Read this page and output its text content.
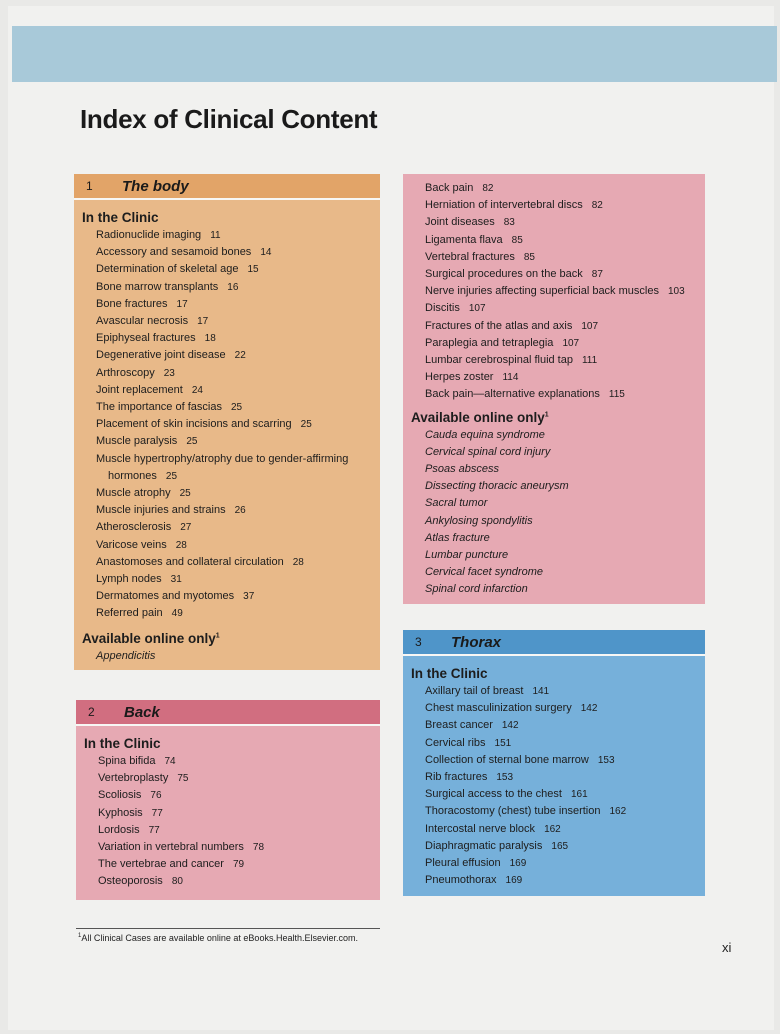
Index of Clinical Content
1	The body
In the Clinic
Radionuclide imaging 11
Accessory and sesamoid bones 14
Determination of skeletal age 15
Bone marrow transplants 16
Bone fractures 17
Avascular necrosis 17
Epiphyseal fractures 18
Degenerative joint disease 22
Arthroscopy 23
Joint replacement 24
The importance of fascias 25
Placement of skin incisions and scarring 25
Muscle paralysis 25
Muscle hypertrophy/atrophy due to gender-affirming
hormones 25
Muscle atrophy 25
Muscle injuries and strains 26
Atherosclerosis 27
Varicose veins 28
Anastomoses and collateral circulation 28
Lymph nodes 31
Dermatomes and myotomes 37
Referred pain 49
Available online only$^1$
Appendicitis
2	Back
In the Clinic
Spina bifida 74
Vertebroplasty 75
Scoliosis 76
Kyphosis 77
Lordosis 77
Variation in vertebral numbers 78
The vertebrae and cancer 79
Osteoporosis 80
Back pain 82
Herniation of intervertebral discs 82
Joint diseases 83
Ligamenta flava 85
Vertebral fractures 85
Surgical procedures on the back 87
Nerve injuries affecting superficial back muscles 103
Discitis 107
Fractures of the atlas and axis 107
Paraplegia and tetraplegia 107
Lumbar cerebrospinal fluid tap 111
Herpes zoster 114
Back pain—alternative explanations 115
Available online only$^1$
Cauda equina syndrome
Cervical spinal cord injury
Psoas abscess
Dissecting thoracic aneurysm
Sacral tumor
Ankylosing spondylitis
Atlas fracture
Lumbar puncture
Cervical facet syndrome
Spinal cord infarction
3	Thorax
In the Clinic
Axillary tail of breast 141
Chest masculinization surgery 142
Breast cancer 142
Cervical ribs 151
Collection of sternal bone marrow 153
Rib fractures 153
Surgical access to the chest 161
Thoracostomy (chest) tube insertion 162
Intercostal nerve block 162
Diaphragmatic paralysis 165
Pleural effusion 169
Pneumothorax 169
$^1$All Clinical Cases are available online at eBooks.Health.Elsevier.com.
xi
